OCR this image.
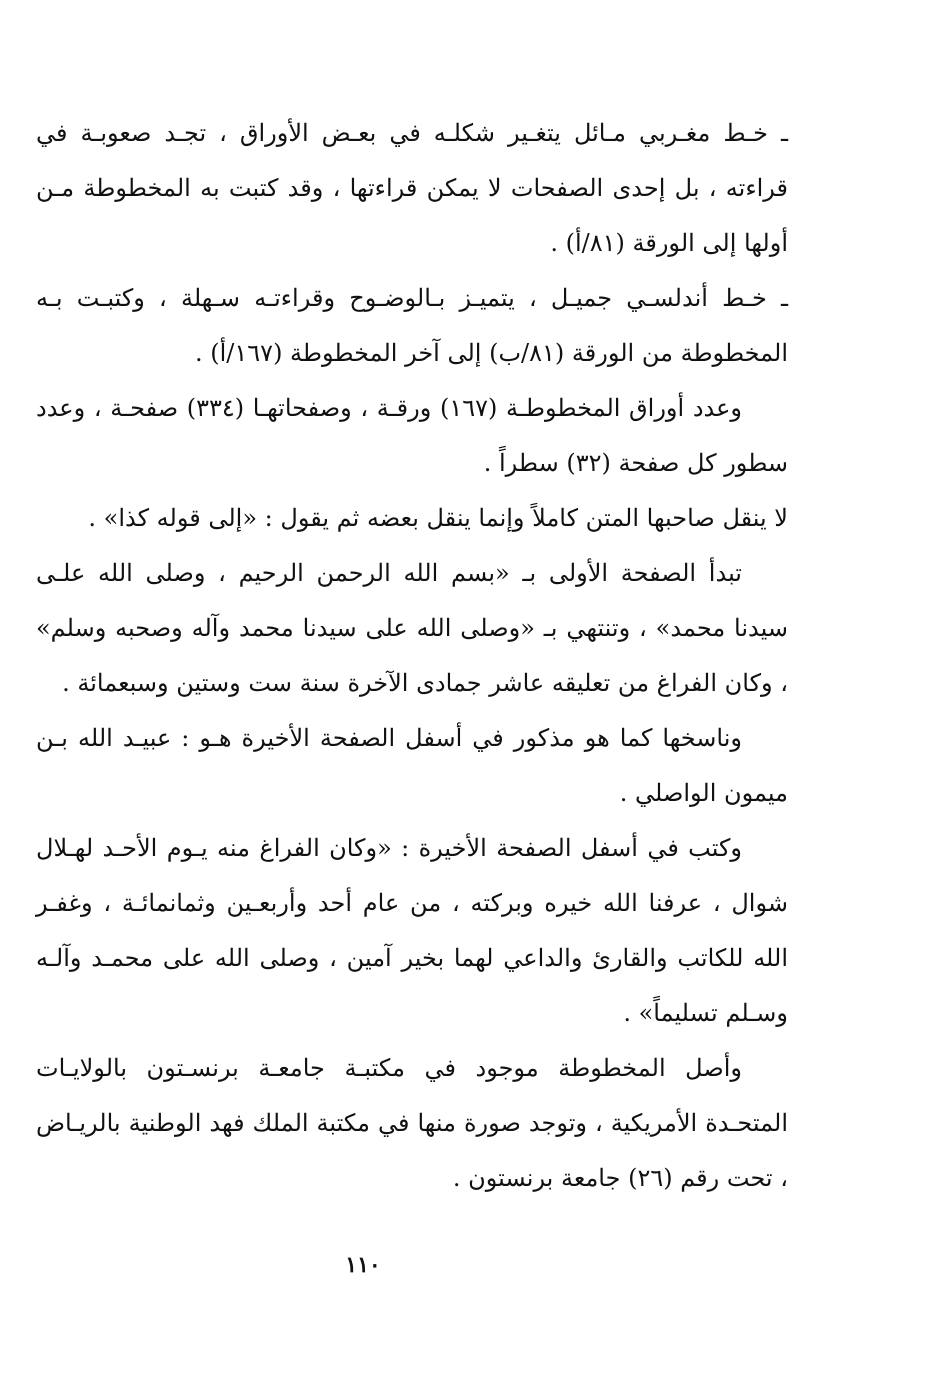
ـ خـط مغـربي مـائل يتغـير شكلـه في بعـض الأوراق ، تجـد صعوبـة في قراءته ، بل إحدى الصفحات لا يمكن قراءتها ، وقد كتبت به المخطوطة مـن أولها إلى الورقة (٨١/أ) .

ـ خـط أندلسـي جميـل ، يتميـز بـالوضـوح وقراءتـه سـهلة ، وكتبـت بـه المخطوطة من الورقة (٨١/ب) إلى آخر المخطوطة (١٦٧/أ) .

وعدد أوراق المخطوطـة (١٦٧) ورقـة ، وصفحاتهـا (٣٣٤) صفحـة ، وعدد سطور كل صفحة (٣٢) سطراً .

لا ينقل صاحبها المتن كاملاً وإنما ينقل بعضه ثم يقول : «إلى قوله كذا» .

تبدأ الصفحة الأولى بـ «بسم الله الرحمن الرحيم ، وصلى الله علـى سيدنا محمد» ، وتنتهي بـ «وصلى الله على سيدنا محمد وآله وصحبه وسلم» ، وكان الفراغ من تعليقه عاشر جمادى الآخرة سنة ست وستين وسبعمائة .

وناسخها كما هو مذكور في أسفل الصفحة الأخيرة هـو : عبيـد الله بـن ميمون الواصلي .

وكتب في أسفل الصفحة الأخيرة : «وكان الفراغ منه يـوم الأحـد لهـلال شوال ، عرفنا الله خيره وبركته ، من عام أحد وأربعـين وثمانمائـة ، وغفـر الله للكاتب والقارئ والداعي لهما بخير آمين ، وصلى الله على محمـد وآلـه وسـلم تسليماً» .

وأصل المخطوطة موجود في مكتبـة جامعـة برنسـتون بالولايـات المتحـدة الأمريكية ، وتوجد صورة منها في مكتبة الملك فهد الوطنية بالريـاض ، تحت رقم (٢٦) جامعة برنستون .

١١٠
